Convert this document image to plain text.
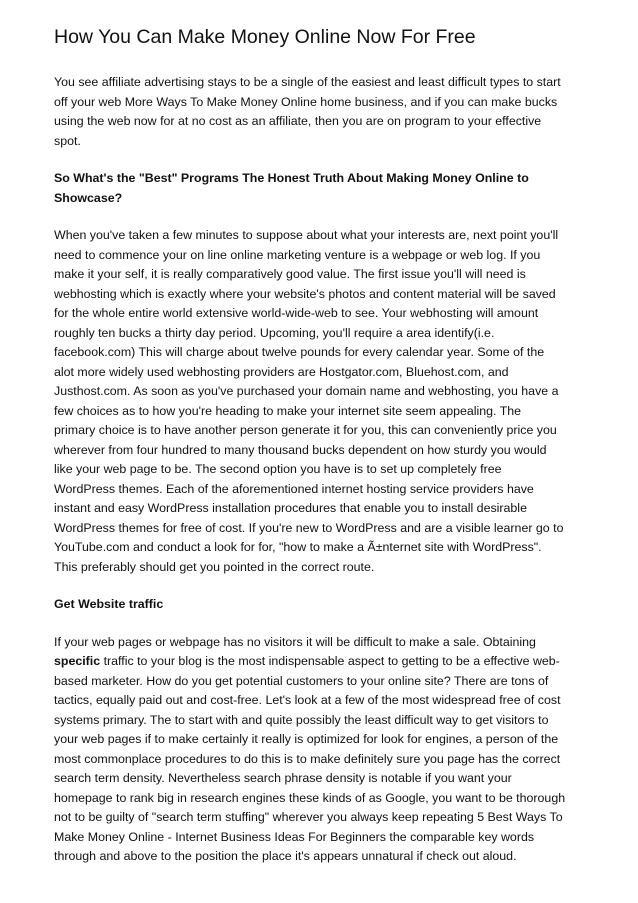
How You Can Make Money Online Now For Free

You see affiliate advertising stays to be a single of the easiest and least difficult types to start
off your web More Ways To Make Money Online home business, and if you can make bucks
using the web now for at no cost as an affiliate, then you are on program to your effective
spot.

So What's the "Best" Programs The Honest Truth About Making Money Online to
Showcase?

When you've taken a few minutes to suppose about what your interests are, next point you'll
need to commence your on line online marketing venture is a webpage or web log. If you
make it your self, it is really comparatively good value. The first issue you'll will need is
webhosting which is exactly where your website's photos and content material will be saved
for the whole entire world extensive world-wide-web to see. Your webhosting will amount
roughly ten bucks a thirty day period. Upcoming, you'll require a area identify(i.e.
facebook.com) This will charge about twelve pounds for every calendar year. Some of the
alot more widely used webhosting providers are Hostgator.com, Bluehost.com, and
Justhost.com. As soon as you've purchased your domain name and webhosting, you have a
few choices as to how you're heading to make your internet site seem appealing. The
primary choice is to have another person generate it for you, this can conveniently price you
wherever from four hundred to many thousand bucks dependent on how sturdy you would
like your web page to be. The second option you have is to set up completely free
WordPress themes. Each of the aforementioned internet hosting service providers have
instant and easy WordPress installation procedures that enable you to install desirable
WordPress themes for free of cost. If you're new to WordPress and are a visible learner go to
YouTube.com and conduct a look for for, "how to make a Ã±nternet site with WordPress".
This preferably should get you pointed in the correct route.

Get Website traffic

If your web pages or webpage has no visitors it will be difficult to make a sale. Obtaining
specific traffic to your blog is the most indispensable aspect to getting to be a effective web-
based marketer. How do you get potential customers to your online site? There are tons of
tactics, equally paid out and cost-free. Let's look at a few of the most widespread free of cost
systems primary. The to start with and quite possibly the least difficult way to get visitors to
your web pages if to make certainly it really is optimized for look for engines, a person of the
most commonplace procedures to do this is to make definitely sure you page has the correct
search term density. Nevertheless search phrase density is notable if you want your
homepage to rank big in research engines these kinds of as Google, you want to be thorough
not to be guilty of "search term stuffing" wherever you always keep repeating 5 Best Ways To
Make Money Online - Internet Business Ideas For Beginners the comparable key words
through and above to the position the place it's appears unnatural if check out aloud.
